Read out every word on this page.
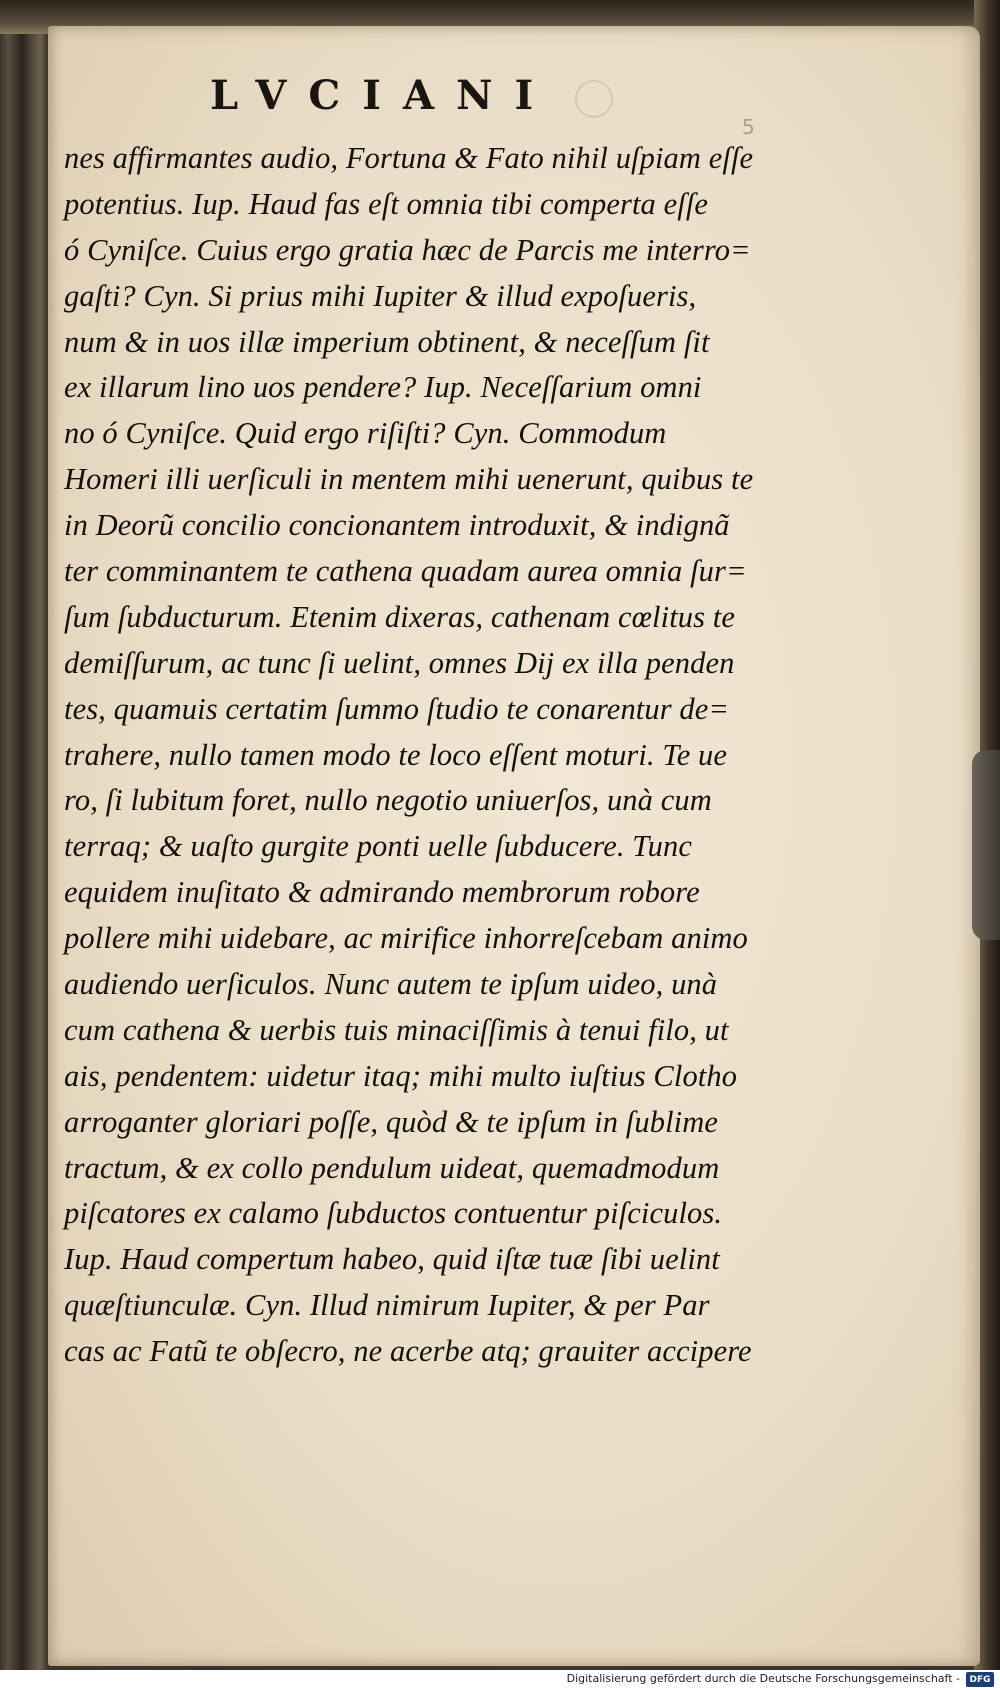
LVCIANI
5
nes affirmantes audio, Fortuna & Fato nihil uſpiam eſſe
potentius. Iup. Haud fas eſt omnia tibi comperta eſſe
ó Cyniſce. Cuius ergo gratia hæc de Parcis me interro=
gaſti? Cyn. Si prius mihi Iupiter & illud expoſueris,
num & in uos illæ imperium obtinent, & neceſſum ſit
ex illarum lino uos pendere? Iup. Neceſſarium omni
no ó Cyniſce. Quid ergo riſiſti? Cyn. Commodum
Homeri illi uerſiculi in mentem mihi uenerunt, quibus te
in Deorũ concilio concionantem introduxit, & indignã
ter comminantem te cathena quadam aurea omnia ſur=
ſum ſubducturum. Etenim dixeras, cathenam cœlitus te
demiſſurum, ac tunc ſi uelint, omnes Dij ex illa penden
tes, quamuis certatim ſummo ſtudio te conarentur de=
trahere, nullo tamen modo te loco eſſent moturi. Te ue
ro, ſi lubitum foret, nullo negotio uniuerſos, unà cum
terraq; & uaſto gurgite ponti uelle ſubducere. Tunc
equidem inuſitato & admirando membrorum robore
pollere mihi uidebare, ac mirifice inhorreſcebam animo
audiendo uerſiculos. Nunc autem te ipſum uideo, unà
cum cathena & uerbis tuis minaciſſimis à tenui filo, ut
ais, pendentem: uidetur itaq; mihi multo iuſtius Clotho
arroganter gloriari poſſe, quòd & te ipſum in ſublime
tractum, & ex collo pendulum uideat, quemadmodum
piſcatores ex calamo ſubductos contuentur piſciculos.
Iup. Haud compertum habeo, quid iſtæ tuæ ſibi uelint
quæſtiunculæ. Cyn. Illud nimirum Iupiter, & per Par
cas ac Fatũ te obſecro, ne acerbe atq; grauiter accipere
Digitalisierung gefördert durch die Deutsche Forschungsgemeinschaft -	DFG
